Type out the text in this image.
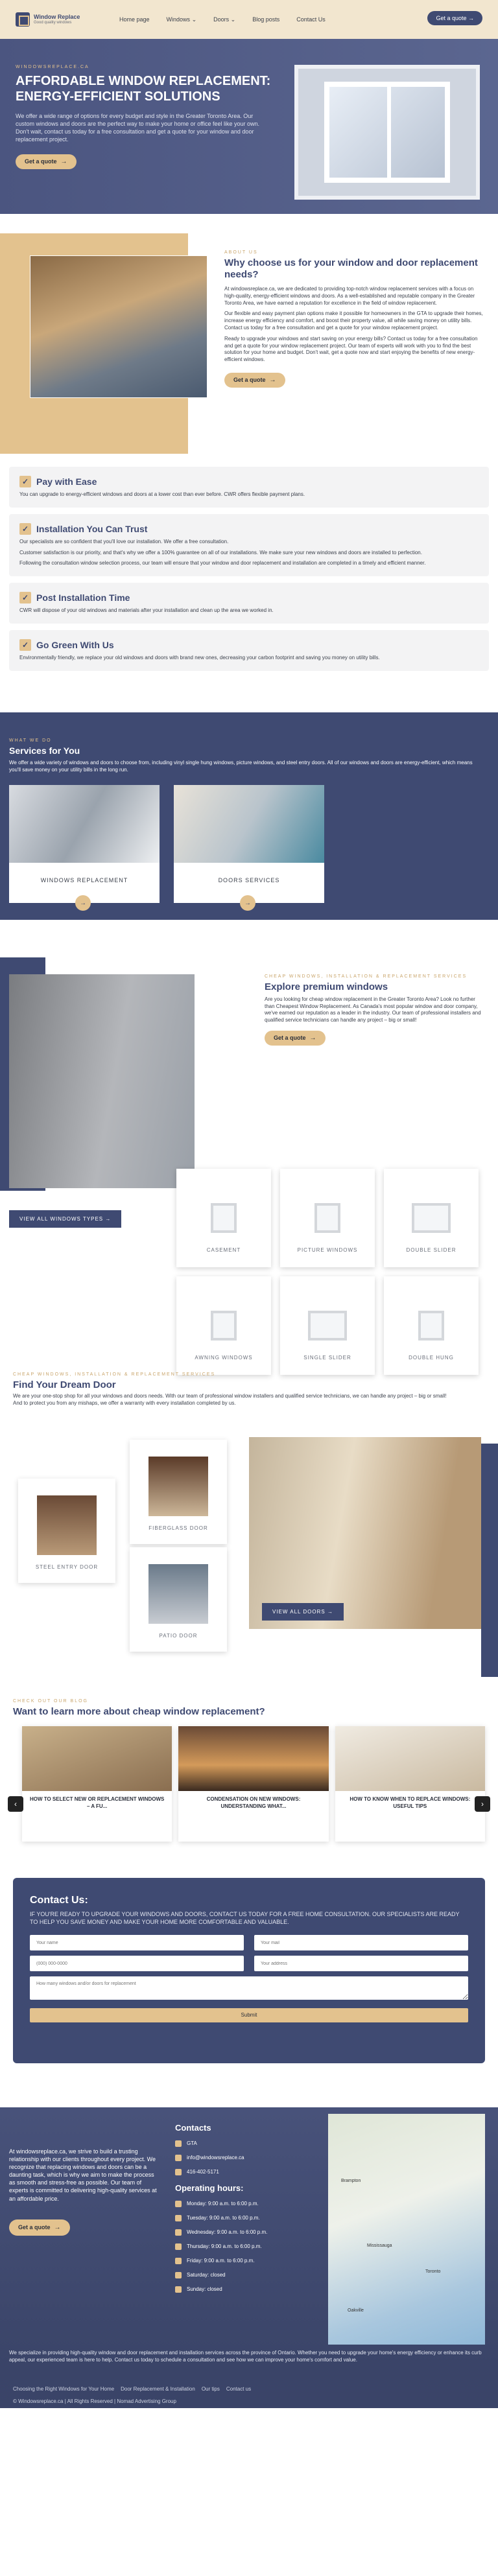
Window Replace
Good quality windows
Home page	Windows ⌄	Doors ⌄	Blog posts	Contact Us	Get a quote →
WINDOWSREPLACE.CA
AFFORDABLE WINDOW REPLACEMENT: ENERGY-EFFICIENT SOLUTIONS

We offer a wide range of options for every budget and style in the Greater Toronto Area. Our custom windows and doors are the perfect way to make your home or office feel like your own. Don't wait, contact us today for a free consultation and get a quote for your window and door replacement project.

Get a quote →
ABOUT US
Why choose us for your window and door replacement needs?

At windowsreplace.ca, we are dedicated to providing top-notch window replacement services with a focus on high-quality, energy-efficient windows and doors. As a well-established and reputable company in the Greater Toronto Area, we have earned a reputation for excellence in the field of window replacement.

Our flexible and easy payment plan options make it possible for homeowners in the GTA to upgrade their homes, increase energy efficiency and comfort, and boost their property value, all while saving money on utility bills. Contact us today for a free consultation and get a quote for your window replacement project.

Ready to upgrade your windows and start saving on your energy bills? Contact us today for a free consultation and get a quote for your window replacement project. Our team of experts will work with you to find the best solution for your home and budget. Don't wait, get a quote now and start enjoying the benefits of new energy-efficient windows.

Get a quote →
✓ Pay with Ease

You can upgrade to energy-efficient windows and doors at a lower cost than ever before. CWR offers flexible payment plans.

✓ Installation You Can Trust

Our specialists are so confident that you'll love our installation. We offer a free consultation.

Customer satisfaction is our priority, and that's why we offer a 100% guarantee on all of our installations. We make sure your new windows and doors are installed to perfection.

Following the consultation window selection process, our team will ensure that your window and door replacement and installation are completed in a timely and efficient manner.

✓ Post Installation Time

CWR will dispose of your old windows and materials after your installation and clean up the area we worked in.

✓ Go Green With Us

Environmentally friendly, we replace your old windows and doors with brand new ones, decreasing your carbon footprint and saving you money on utility bills.

WHAT WE DO
Services for You

We offer a wide variety of windows and doors to choose from, including vinyl single hung windows, picture windows, and steel entry doors. All of our windows and doors are energy-efficient, which means you'll save money on your utility bills in the long run.

WINDOWS REPLACEMENT
→
DOORS SERVICES
→
CHEAP WINDOWS, INSTALLATION & REPLACEMENT SERVICES
Explore premium windows

Are you looking for cheap window replacement in the Greater Toronto Area? Look no further than Cheapest Window Replacement. As Canada's most popular window and door company, we've earned our reputation as a leader in the industry. Our team of professional installers and qualified service technicians can handle any project – big or small!

Get a quote →
VIEW ALL WINDOWS TYPES →
CASEMENT	PICTURE WINDOWS	DOUBLE SLIDER
AWNING WINDOWS	SINGLE SLIDER	DOUBLE HUNG
CHEAP WINDOWS, INSTALLATION & REPLACEMENT SERVICES
Find Your Dream Door

We are your one-stop shop for all your windows and doors needs. With our team of professional window installers and qualified service technicians, we can handle any project – big or small!

And to protect you from any mishaps, we offer a warranty with every installation completed by us.

STEEL ENTRY DOOR
FIBERGLASS DOOR
PATIO DOOR
VIEW ALL DOORS →
CHECK OUT OUR BLOG
Want to learn more about cheap window replacement?
HOW TO SELECT NEW OR REPLACEMENT WINDOWS – A FU...
CONDENSATION ON NEW WINDOWS: UNDERSTANDING WHAT...
HOW TO KNOW WHEN TO REPLACE WINDOWS: USEFUL TIPS
‹	›
Contact Us:
IF YOU'RE READY TO UPGRADE YOUR WINDOWS AND DOORS, CONTACT US TODAY FOR A FREE HOME CONSULTATION. OUR SPECIALISTS ARE READY TO HELP YOU SAVE MONEY AND MAKE YOUR HOME MORE COMFORTABLE AND VALUABLE.
Your name
Your mail
(000) 000-0000
Your address
How many windows and/or doors for replacement
Submit

At windowsreplace.ca, we strive to build a trusting relationship with our clients throughout every project. We recognize that replacing windows and doors can be a daunting task, which is why we aim to make the process as smooth and stress-free as possible. Our team of experts is committed to delivering high-quality services at an affordable price.

Get a quote →
Contacts
GTA
info@windowsreplace.ca
416-402-5171
Operating hours:
Monday: 9:00 a.m. to 6:00 p.m.
Tuesday: 9:00 a.m. to 6:00 p.m.
Wednesday: 9:00 a.m. to 6:00 p.m.
Thursday: 9:00 a.m. to 6:00 p.m.
Friday: 9:00 a.m. to 6:00 p.m.
Saturday: closed
Sunday: closed
Brampton
Toronto
Oakville
Mississauga

We specialize in providing high-quality window and door replacement and installation services across the province of Ontario. Whether you need to upgrade your home's energy efficiency or enhance its curb appeal, our experienced team is here to help. Contact us today to schedule a consultation and see how we can improve your home's comfort and value.

Choosing the Right Windows for Your Home Door Replacement & Installation Our tips Contact us
© Windowsreplace.ca | All Rights Reserved | Nomad Advertising Group
